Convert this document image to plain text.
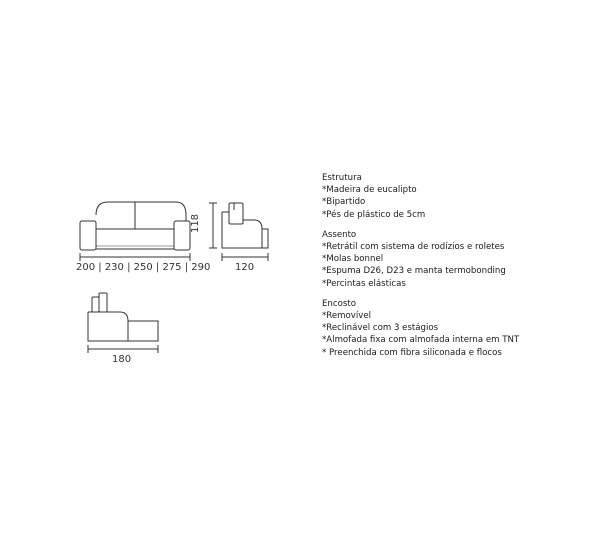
200 | 230 | 250 | 275 | 290
118
120
180
Estrutura
*Madeira de eucalipto
*Bipartido
*Pés de plástico de 5cm
Assento
*Retrátil com sistema de rodízios e roletes
*Molas bonnel
*Espuma D26, D23 e manta termobonding
*Percintas elásticas
Encosto
*Removível
*Reclinável com 3 estágios
*Almofada fixa com almofada interna em TNT
* Preenchida com fibra siliconada e flocos
